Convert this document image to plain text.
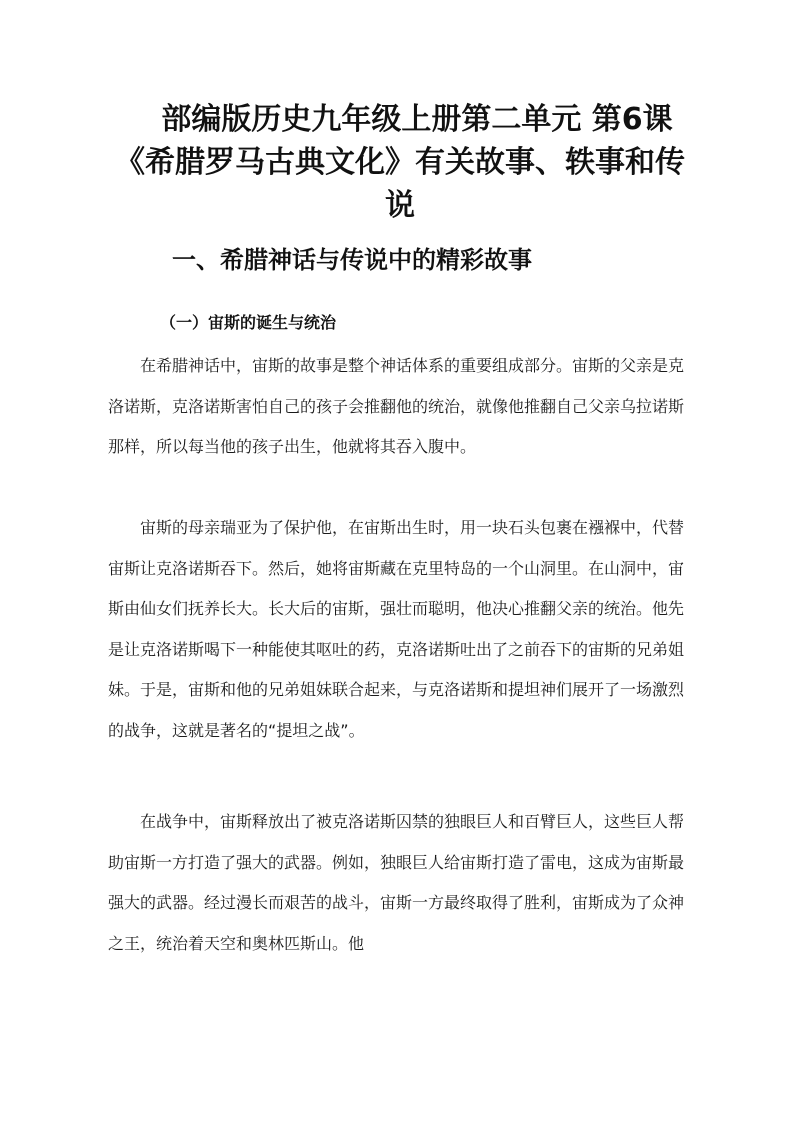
部编版历史九年级上册第二单元 第6课《希腊罗马古典文化》有关故事、轶事和传说
一、希腊神话与传说中的精彩故事
（一）宙斯的诞生与统治

在希腊神话中，宙斯的故事是整个神话体系的重要组成部分。宙斯的父亲是克洛诺斯，克洛诺斯害怕自己的孩子会推翻他的统治，就像他推翻自己父亲乌拉诺斯那样，所以每当他的孩子出生，他就将其吞入腹中。

宙斯的母亲瑞亚为了保护他，在宙斯出生时，用一块石头包裹在襁褓中，代替宙斯让克洛诺斯吞下。然后，她将宙斯藏在克里特岛的一个山洞里。在山洞中，宙斯由仙女们抚养长大。长大后的宙斯，强壮而聪明，他决心推翻父亲的统治。他先是让克洛诺斯喝下一种能使其呕吐的药，克洛诺斯吐出了之前吞下的宙斯的兄弟姐妹。于是，宙斯和他的兄弟姐妹联合起来，与克洛诺斯和提坦神们展开了一场激烈的战争，这就是著名的“提坦之战”。

在战争中，宙斯释放出了被克洛诺斯囚禁的独眼巨人和百臂巨人，这些巨人帮助宙斯一方打造了强大的武器。例如，独眼巨人给宙斯打造了雷电，这成为宙斯最强大的武器。经过漫长而艰苦的战斗，宙斯一方最终取得了胜利，宙斯成为了众神之王，统治着天空和奥林匹斯山。他
